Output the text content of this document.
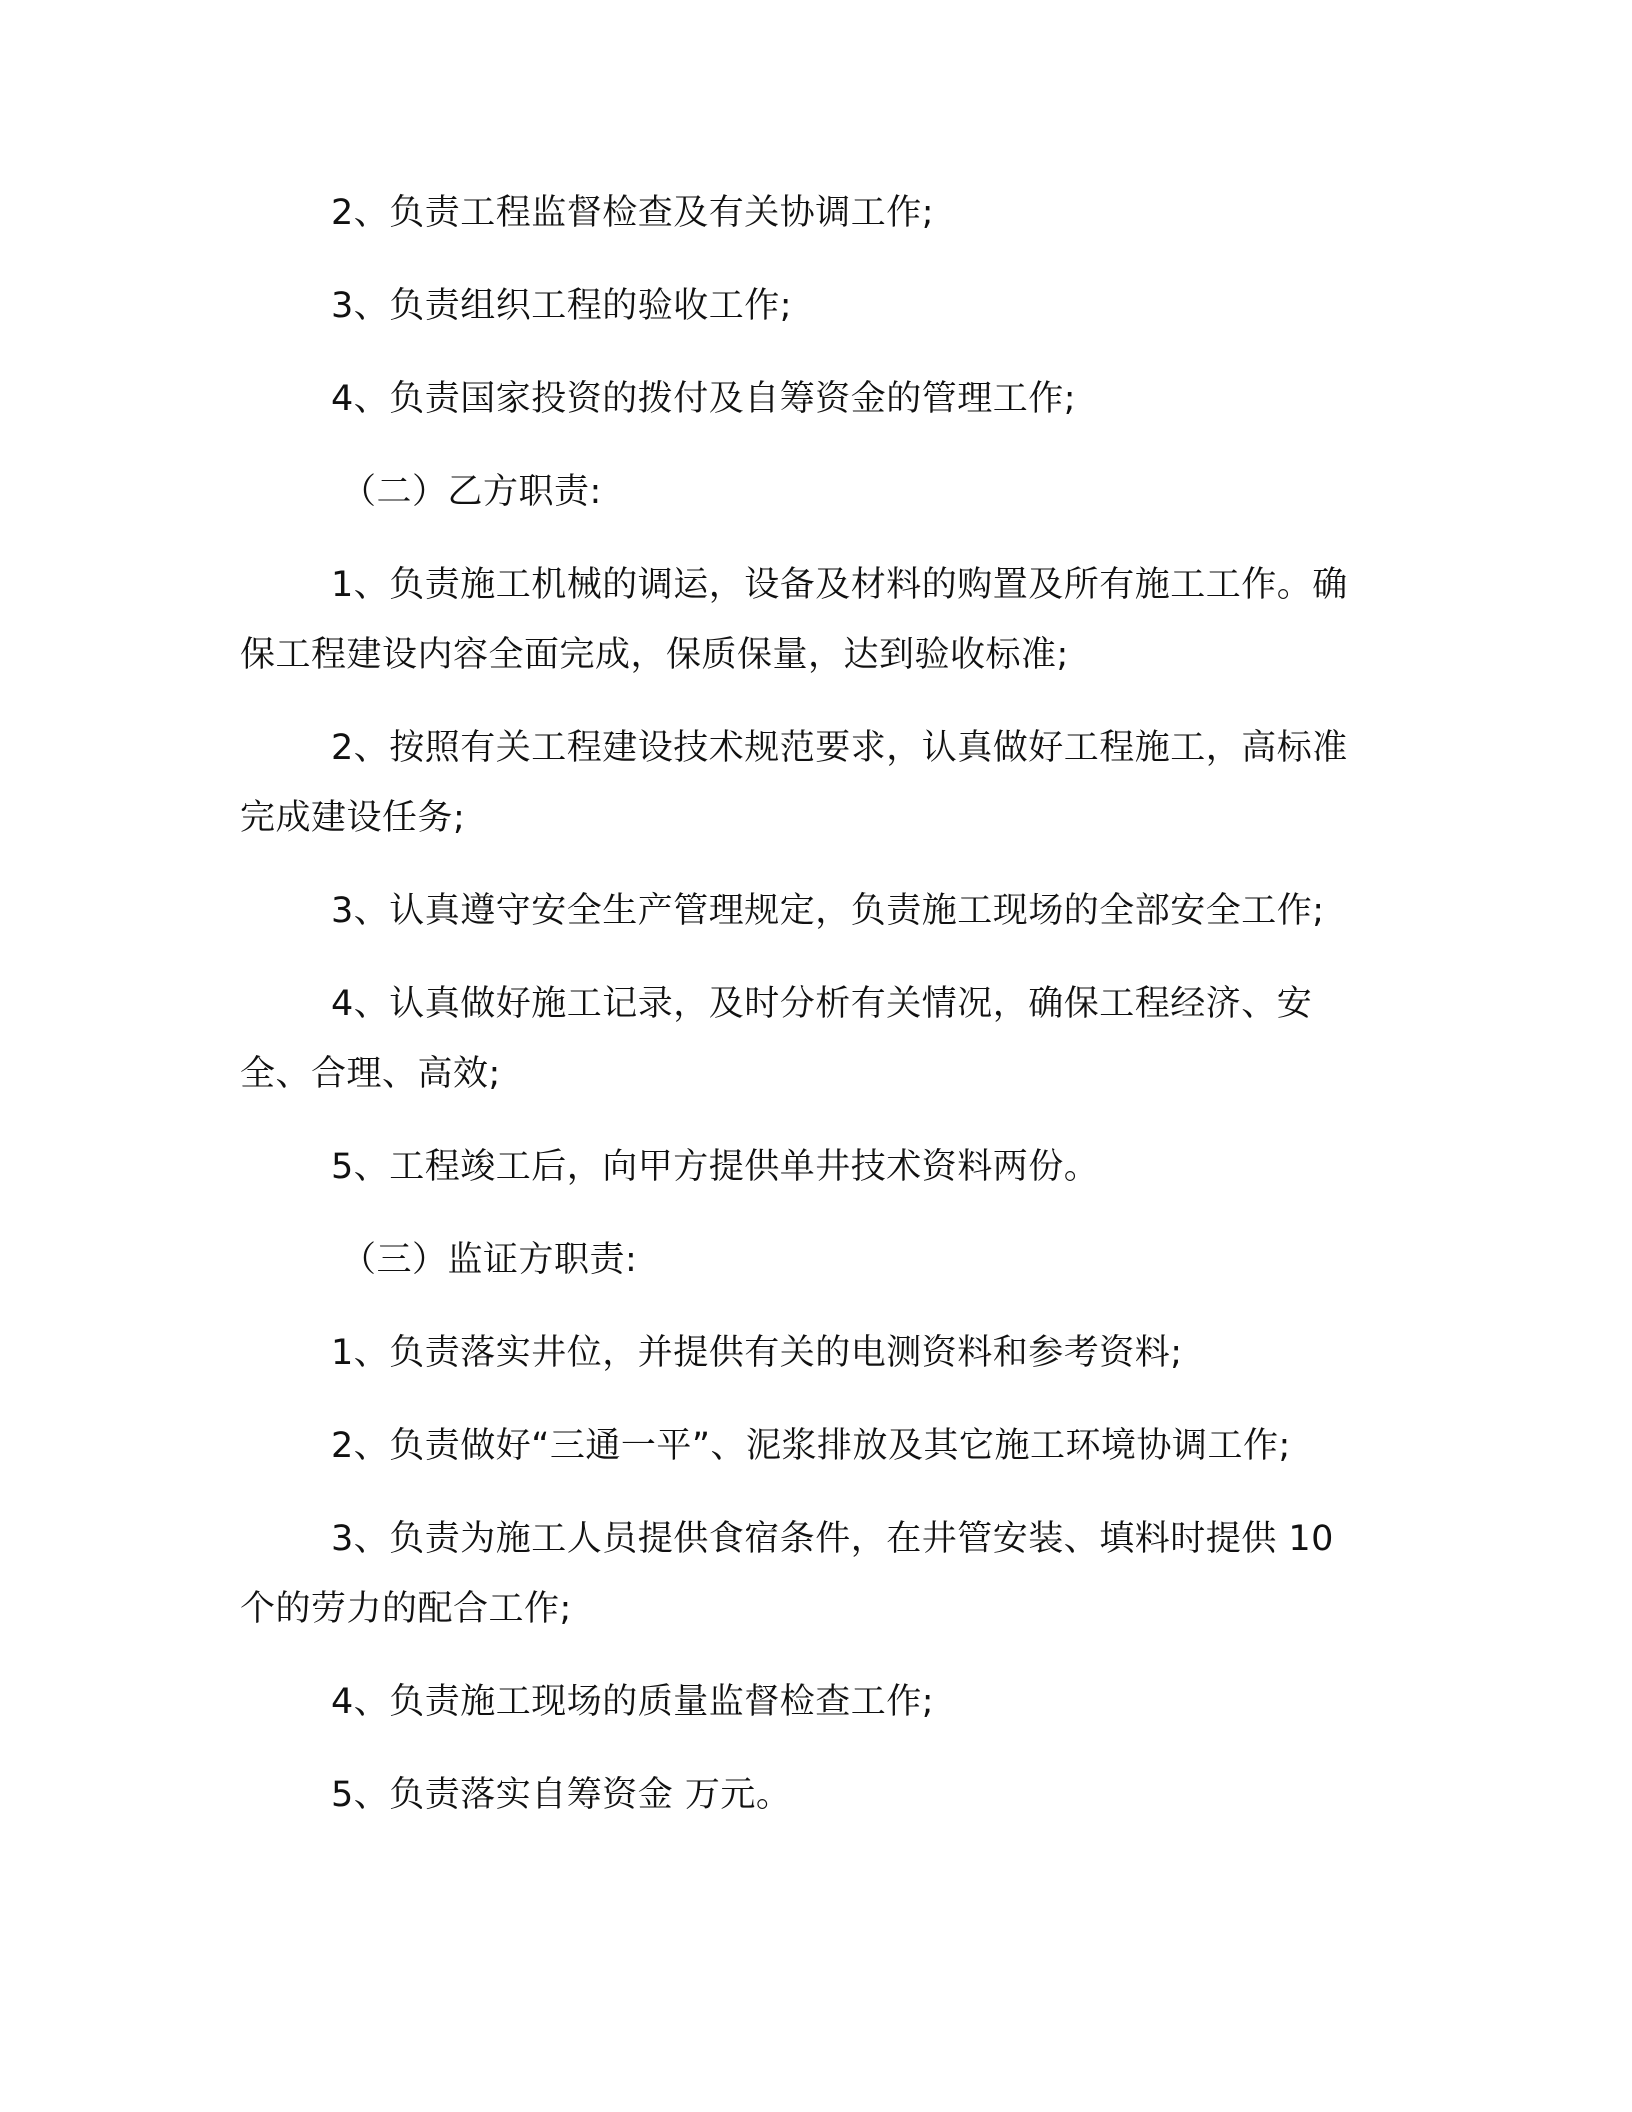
2、负责工程监督检查及有关协调工作;

3、负责组织工程的验收工作;

4、负责国家投资的拨付及自筹资金的管理工作;

（二）乙方职责:

1、负责施工机械的调运，设备及材料的购置及所有施工工作。确保工程建设内容全面完成，保质保量，达到验收标准;

2、按照有关工程建设技术规范要求，认真做好工程施工，高标准完成建设任务;

3、认真遵守安全生产管理规定，负责施工现场的全部安全工作;

4、认真做好施工记录，及时分析有关情况，确保工程经济、安全、合理、高效;

5、工程竣工后，向甲方提供单井技术资料两份。

（三）监证方职责:

1、负责落实井位，并提供有关的电测资料和参考资料;

2、负责做好“三通一平”、泥浆排放及其它施工环境协调工作;

3、负责为施工人员提供食宿条件，在井管安装、填料时提供 10 个的劳力的配合工作;

4、负责施工现场的质量监督检查工作;

5、负责落实自筹资金 万元。
